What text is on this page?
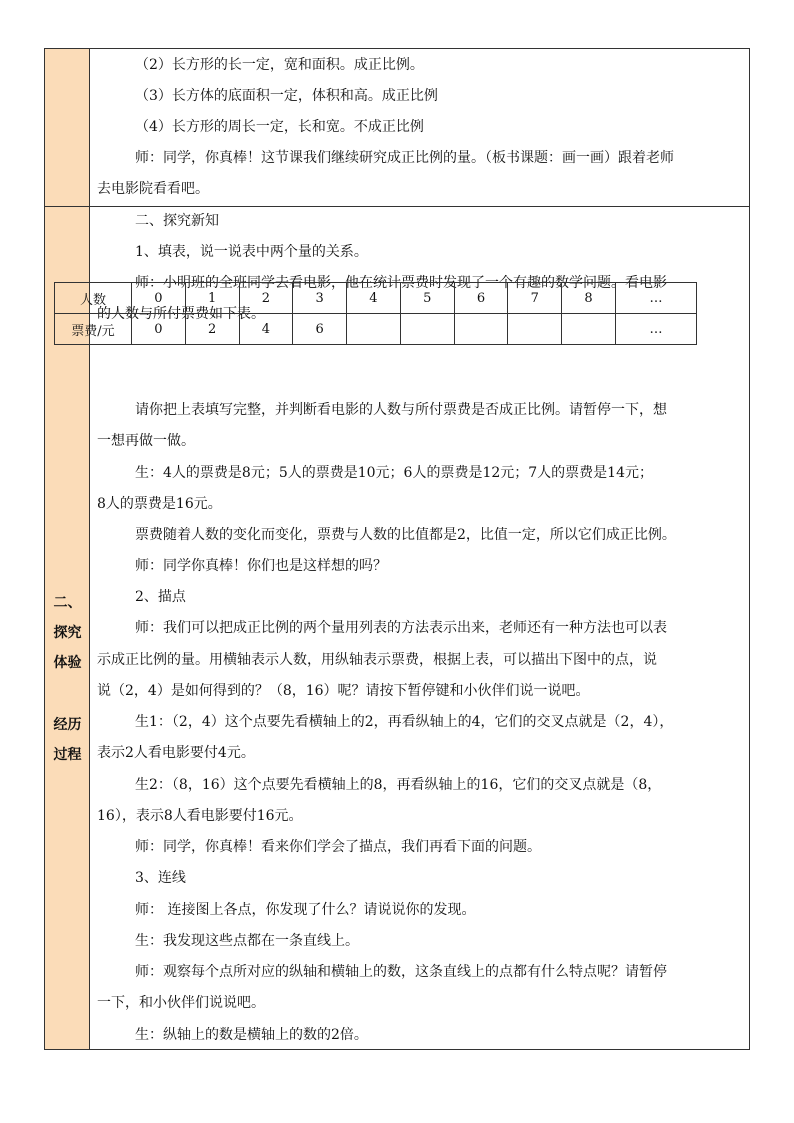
二、
探究
体验
经历
过程
（2）长方形的长一定，宽和面积。成正比例。
（3）长方体的底面积一定，体积和高。成正比例
（4）长方形的周长一定，长和宽。不成正比例
师：同学，你真棒！这节课我们继续研究成正比例的量。（板书课题：画一画）跟着老师
去电影院看看吧。
二、探究新知
1、填表，说一说表中两个量的关系。
师：小明班的全班同学去看电影，他在统计票费时发现了一个有趣的数学问题。看电影
的人数与所付票费如下表。
人数	0	1	2	3	4	5	6	7	8	…
票费/元	0	2	4	6						…
请你把上表填写完整，并判断看电影的人数与所付票费是否成正比例。请暂停一下，想
一想再做一做。
生：4人的票费是8元；5人的票费是10元；6人的票费是12元；7人的票费是14元；
8人的票费是16元。
票费随着人数的变化而变化，票费与人数的比值都是2，比值一定，所以它们成正比例。
师：同学你真棒！你们也是这样想的吗？
2、描点
师：我们可以把成正比例的两个量用列表的方法表示出来，老师还有一种方法也可以表
示成正比例的量。用横轴表示人数，用纵轴表示票费，根据上表，可以描出下图中的点，说
说（2，4）是如何得到的？（8，16）呢？请按下暂停键和小伙伴们说一说吧。
生1：（2，4）这个点要先看横轴上的2，再看纵轴上的4，它们的交叉点就是（2，4），
表示2人看电影要付4元。
生2：（8，16）这个点要先看横轴上的8，再看纵轴上的16，它们的交叉点就是（8，
16），表示8人看电影要付16元。
师：同学，你真棒！看来你们学会了描点，我们再看下面的问题。
3、连线
师： 连接图上各点，你发现了什么？请说说你的发现。
生：我发现这些点都在一条直线上。
师：观察每个点所对应的纵轴和横轴上的数，这条直线上的点都有什么特点呢？请暂停
一下，和小伙伴们说说吧。
生：纵轴上的数是横轴上的数的2倍。
